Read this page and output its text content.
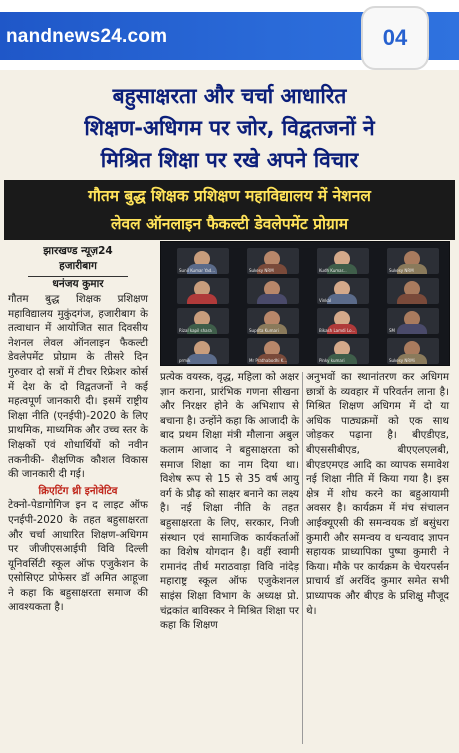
nandnews24.com	04
बहुसाक्षरता और चर्चा आधारित
शिक्षण-अधिगम पर जोर, विद्वतजनों ने
मिश्रित शिक्षा पर रखे अपने विचार
गौतम बुद्ध शिक्षक प्रशिक्षण महाविद्यालय में नेशनल
लेवल ऑनलाइन फैकल्टी डेवलेपमेंट प्रोग्राम
झारखण्ड न्यूज़24
हजारीबाग
धनंजय कुमार

गौतम बुद्ध शिक्षक प्रशिक्षण महाविद्यालय मुकुंदगंज, हजारीबाग के तत्वाधान में आयोजित सात दिवसीय नेशनल लेवल ऑनलाइन फैकल्टी डेवलेपमेंट प्रोग्राम के तीसरे दिन गुरुवार दो सत्रों में टीचर रिफ्रेशर कोर्स में देश के दो विद्वतजनों ने कई महत्वपूर्ण जानकारी दी। इसमें राष्ट्रीय शिक्षा नीति (एनईपी)-2020 के लिए प्राथमिक, माध्यमिक और उच्च स्तर के शिक्षकों एवं शोधार्थियों को नवीन तकनीकी- शैक्षणिक कौशल विकास की जानकारी दी गई।

क्रिएटिंग थ्री इनोवेटिव

टेक्नो-पेडागोगिज इन द लाइट ऑफ एनईपी-2020 के तहत बहुसाक्षरता और चर्चा आधारित शिक्षण-अधिगम पर जीजीएसआईपी विवि दिल्ली यूनिवर्सिटी स्कूल ऑफ एजुकेशन के एसोसिएट प्रोफेसर डॉ अमित आहूजा ने कहा कि बहुसाक्षरता समाज की आवश्यकता है।

Sunil Kumar Yad...	Sukesy NRM	Kudh Kumar...	Sukesy NRM
Vinkal
Rizal kapil shara	Suprita Kumari	Bikash Lamdi Lo...	SM
prmik	Mr Prathabodhi K...	Pinky kumari	Sukesy NRMi

प्रत्येक वयस्क, वृद्ध, महिला को अक्षर ज्ञान कराना, प्रारंभिक गणना सीखना और निरक्षर होने के अभिशाप से बचाना है। उन्होंने कहा कि आजादी के बाद प्रथम शिक्षा मंत्री मौलाना अबुल कलाम आजाद ने बहुसाक्षरता को समाज शिक्षा का नाम दिया था। विशेष रूप से 15 से 35 वर्ष आयु वर्ग के प्रौढ़ को साक्षर बनाने का लक्ष्य है। नई शिक्षा नीति के तहत बहुसाक्षरता के लिए, सरकार, निजी संस्थान एवं सामाजिक कार्यकर्ताओं का विशेष योगदान है। वहीं स्वामी रामानंद तीर्थ मराठवाड़ा विवि नांदेड़ महाराष्ट्र स्कूल ऑफ एजुकेशनल साइंस शिक्षा विभाग के अध्यक्ष प्रो. चंद्रकांत बाविस्कर ने मिश्रित शिक्षा पर कहा कि शिक्षण

अनुभवों का स्थानांतरण कर अधिगम छात्रों के व्यवहार में परिवर्तन लाना है। मिश्रित शिक्षण अधिगम में दो या अधिक पाठ्यक्रमों को एक साथ जोड़कर पढ़ाना है। बीएडीएड, बीएससीबीएड, बीएएलएलबी, बीएडएमएड आदि का व्यापक समावेश नई शिक्षा नीति में किया गया है। इस क्षेत्र में शोध करने का बहुआयामी अवसर है। कार्यक्रम में मंच संचालन आईक्यूएसी की समन्वयक डॉ बसुंधरा कुमारी और समन्वय व धन्यवाद ज्ञापन सहायक प्राध्यापिका पुष्पा कुमारी ने किया। मौके पर कार्यक्रम के चेयरपर्सन प्राचार्य डॉ अरविंद कुमार समेत सभी प्राध्यापक और बीएड के प्रशिक्षु मौजूद थे।
